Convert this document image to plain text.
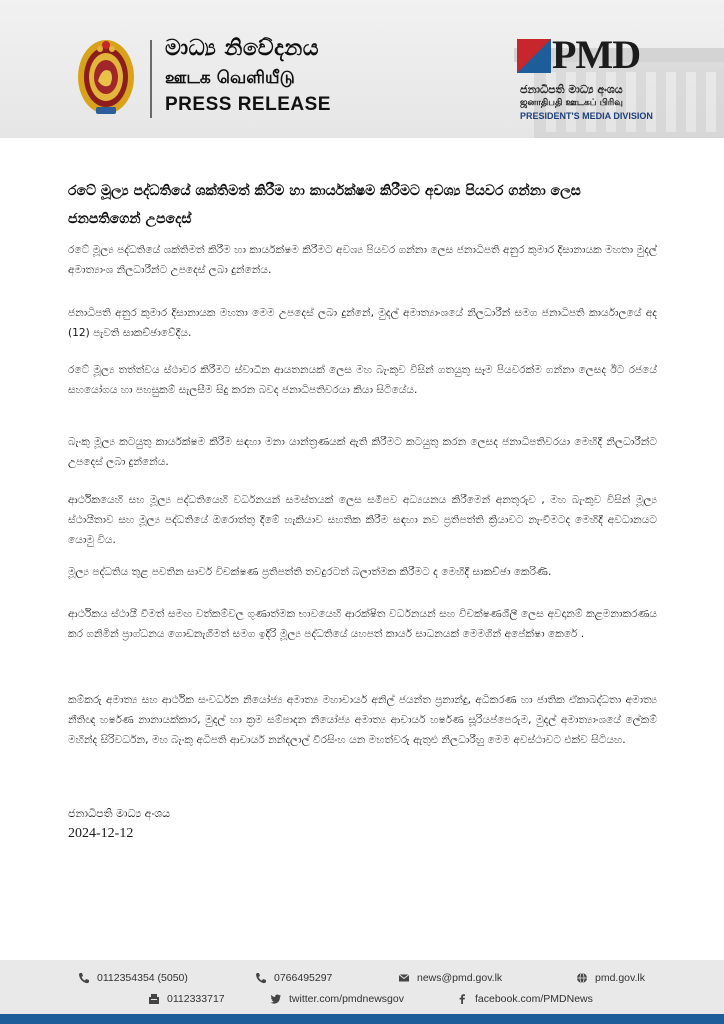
මාධ්‍ය නිවේදනය
ஊடக வெளியீடு
PRESS RELEASE
PMD
ජනාධිපති මාධ්‍ය අංශය
ஜனாதிபதி ஊடகப் பிரிவு
PRESIDENT'S MEDIA DIVISION
රටේ මූල්‍ය පද්ධතියේ ශක්තිමත් කිරීම හා කාර්යක්ෂම කිරීමට අවශ්‍ය පියවර ගන්නා ලෙස ජනපතිගෙන් උපදෙස්
රටේ මූල්‍ය පද්ධතියේ ශක්තිමත් කිරීම හා කාර්යක්ෂම කිරීමට අවශ්‍ය පියවර ගන්නා ලෙස ජනාධිපති අනුර කුමාර දිසානායක මහතා මුදල් අමාත්‍යාංශ නිලධාරීන්ට උපදෙස් ලබා දුන්නේය.
ජනාධිපති අනුර කුමාර දිසානායක මහතා මෙම උපදෙස් ලබා දුන්නේ, මුදල් අමාත්‍යාංශයේ නිලධාරීන් සමග ජනාධිපති කාර්යාලයේ අද (12) පැවති සාකච්ඡාවේදීය.
රටේ මූල්‍ය තත්ත්වය ස්ථාවර කිරීමට ස්වාධීන ආයතනයක් ලෙස මහ බැංකුව විසින් ගතයුතු සෑම පියවරක්ම ගන්නා ලෙසද ඊට රජයේ සහයෝගය හා පහසුකම් සැලසීම සිදු කරන බවද ජනාධිපතිවරයා කියා සිටියේය.
බැංකු මූල්‍ය කටයුතු කාර්යක්ෂම කිරීම සඳහා මනා යාන්ත්‍රණයක් ඇති කිරීමට කටයුතු කරන ලෙසද ජනාධිපතිවරයා මෙහිදී නිලධාරීන්ට උපදෙස් ලබා දුන්නේය.
ආර්ථිකයෙහි සහ මූල්‍ය පද්ධතියෙහි වර්ධනයන් සමස්තයක් ලෙස සමීපව අධ්‍යයනය කිරීමෙන් අනතුරුව , මහ බැංකුව විසින් මූල්‍ය ස්ථායීතාව සහ මූල්‍ය පද්ධතියේ ඔරොත්තු දීමේ හැකියාව සහතික කිරීම සඳහා නව ප්‍රතිපත්ති ක්‍රියාවට නැංවීමටද මෙහිදී අවධානයට යොමු විය.
මූල්‍ය පද්ධතිය තුළ පවතින සාර්ව විචක්ෂණ ප්‍රතිපත්ති තවදුරටත් බලාත්මක කිරීමට ද මෙහිදී සාකච්ඡා කෙරිණි.
ආර්ථිකය ස්ථායී වීමත් සමඟ වත්කම්වල ගුණාත්මක භාවයෙහි ආරක්ෂිත වර්ධනයන් සහ විචක්ෂණශීලී ලෙස අවදානම් කළමනාකරණය කර ගනිමින් ප්‍රාග්ධනය ගොඩනැගීමත් සමග ඉදිරි මූල්‍ය පද්ධතියේ යහපත් කාර්ය සාධනයක් මෙමගින් අපේක්ෂා කෙරේ .
කම්කරු අමාත්‍ය සහ ආර්ථික සංවර්ධන නියෝජ්‍ය අමාත්‍ය මහාචාර්ය අනිල් ජයන්ත ප්‍රනාන්දු, අධිකරණ හා ජාතික ඒකාබද්ධතා අමාත්‍ය නීතිඥ හර්ෂණ නානායක්කාර, මුදල් හා ක්‍රම සම්පාදන නියෝජ්‍ය අමාත්‍ය ආචාර්ය හර්ෂණ සූරියප්පෙරුම, මුදල් අමාත්‍යාංශයේ ලේකම් මහින්ද සිරිවර්ධන, මහ බැංකු අධිපති ආචාර්ය නන්දලාල් වීරසිංහ යන මහත්වරු ඇතුළු නිලධාරීහු මෙම අවස්ථාවට එක්ව සිටියහ.
ජනාධිපති මාධ්‍ය අංශය
2024-12-12
0112354354 (5050)	0766495297	news@pmd.gov.lk	pmd.gov.lk
0112333717	twitter.com/pmdnewsgov	facebook.com/PMDNews
